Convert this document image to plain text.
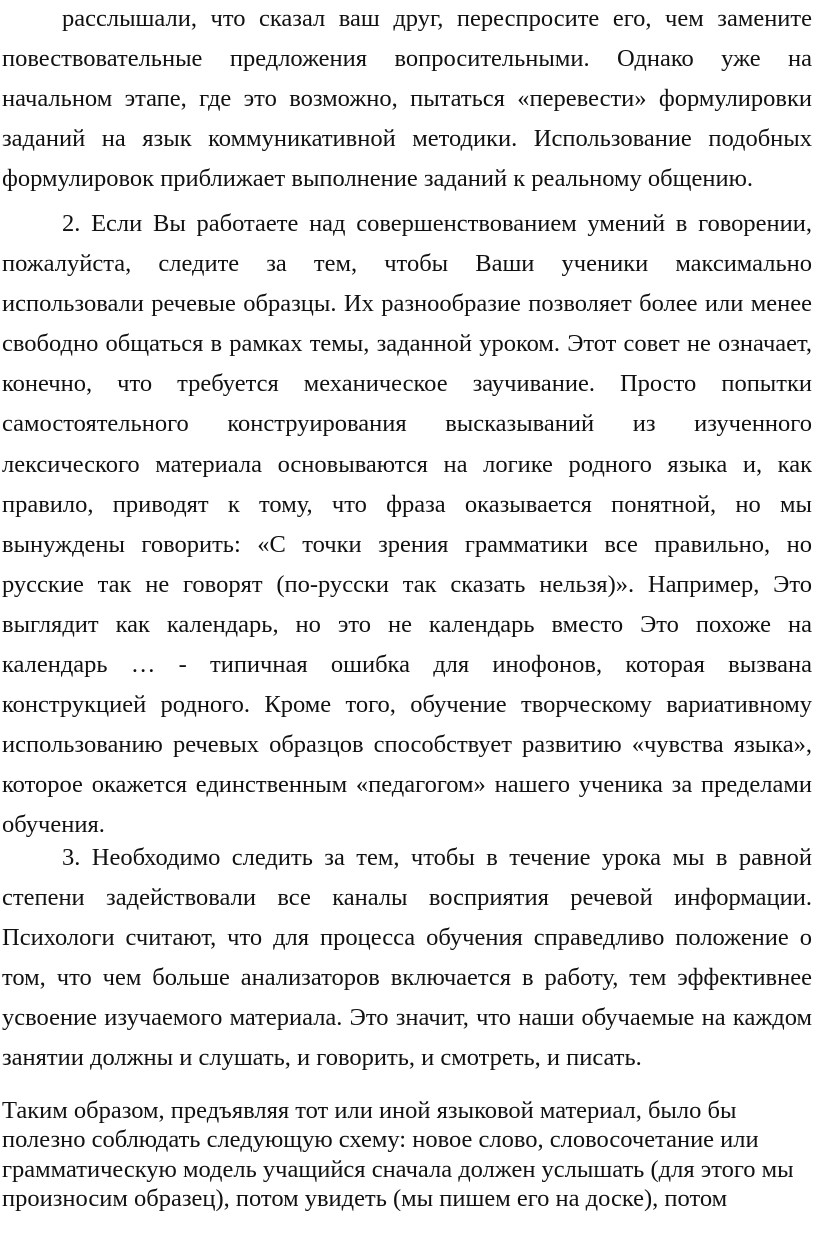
расслышали, что сказал ваш друг, переспросите его, чем замените повествовательные предложения вопросительными. Однако уже на начальном этапе, где это возможно, пытаться «перевести» формулировки заданий на язык коммуникативной методики. Использование подобных формулировок приближает выполнение заданий к реальному общению.

2. Если Вы работаете над совершенствованием умений в говорении, пожалуйста, следите за тем, чтобы Ваши ученики максимально использовали речевые образцы. Их разнообразие позволяет более или менее свободно общаться в рамках темы, заданной уроком. Этот совет не означает, конечно, что требуется механическое заучивание. Просто попытки самостоятельного конструирования высказываний из изученного лексического материала основываются на логике родного языка и, как правило, приводят к тому, что фраза оказывается понятной, но мы вынуждены говорить: «С точки зрения грамматики все правильно, но русские так не говорят (по-русски так сказать нельзя)». Например, Это выглядит как календарь, но это не календарь вместо Это похоже на календарь … - типичная ошибка для инофонов, которая вызвана конструкцией родного. Кроме того, обучение творческому вариативному использованию речевых образцов способствует развитию «чувства языка», которое окажется единственным «педагогом» нашего ученика за пределами обучения.

3. Необходимо следить за тем, чтобы в течение урока мы в равной степени задействовали все каналы восприятия речевой информации. Психологи считают, что для процесса обучения справедливо положение о том, что чем больше анализаторов включается в работу, тем эффективнее усвоение изучаемого материала. Это значит, что наши обучаемые на каждом занятии должны и слушать, и говорить, и смотреть, и писать.

Таким образом, предъявляя тот или иной языковой материал, было бы полезно соблюдать следующую схему: новое слово, словосочетание или грамматическую модель учащийся сначала должен услышать (для этого мы произносим образец), потом увидеть (мы пишем его на доске), потом
